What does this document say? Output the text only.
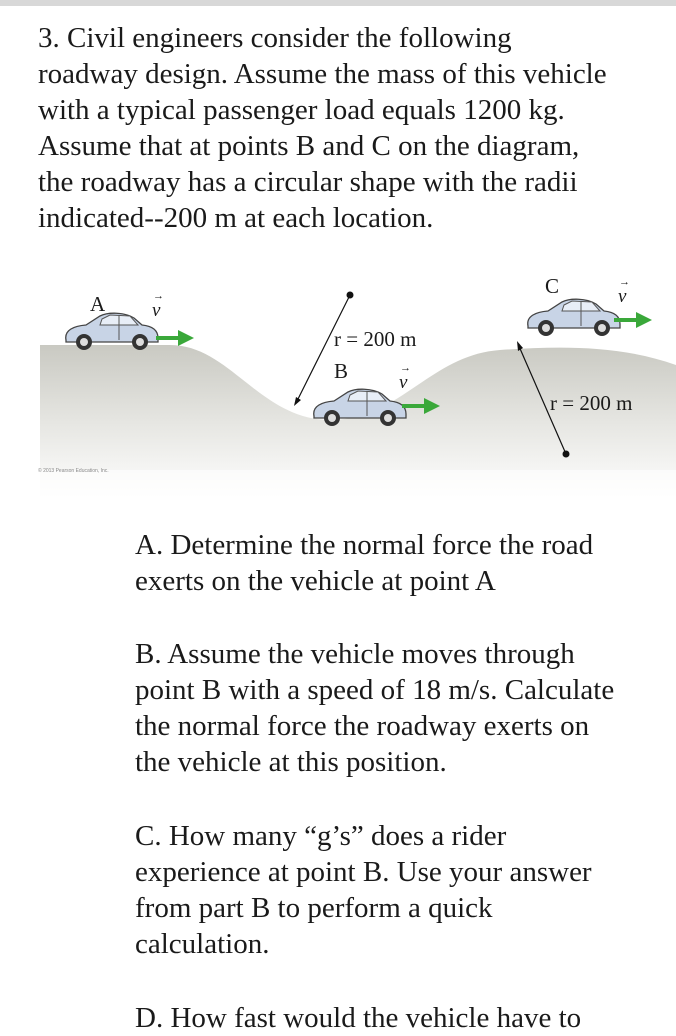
3. Civil engineers consider the following
roadway design. Assume the mass of this vehicle
with a typical passenger load equals 1200 kg.
Assume that at points B and C on the diagram,
the roadway has a circular shape with the radii
indicated--200 m at each location.
A
B
C
→
v
→
v
→
v
r = 200 m
r = 200 m
© 2013 Pearson Education, Inc.
A. Determine the normal force the road
exerts on the vehicle at point A
B. Assume the vehicle moves through
point B with a speed of 18 m/s. Calculate
the normal force the roadway exerts on
the vehicle at this position.
C. How many “g’s” does a rider
experience at point B. Use your answer
from part B to perform a quick
calculation.
D. How fast would the vehicle have to
